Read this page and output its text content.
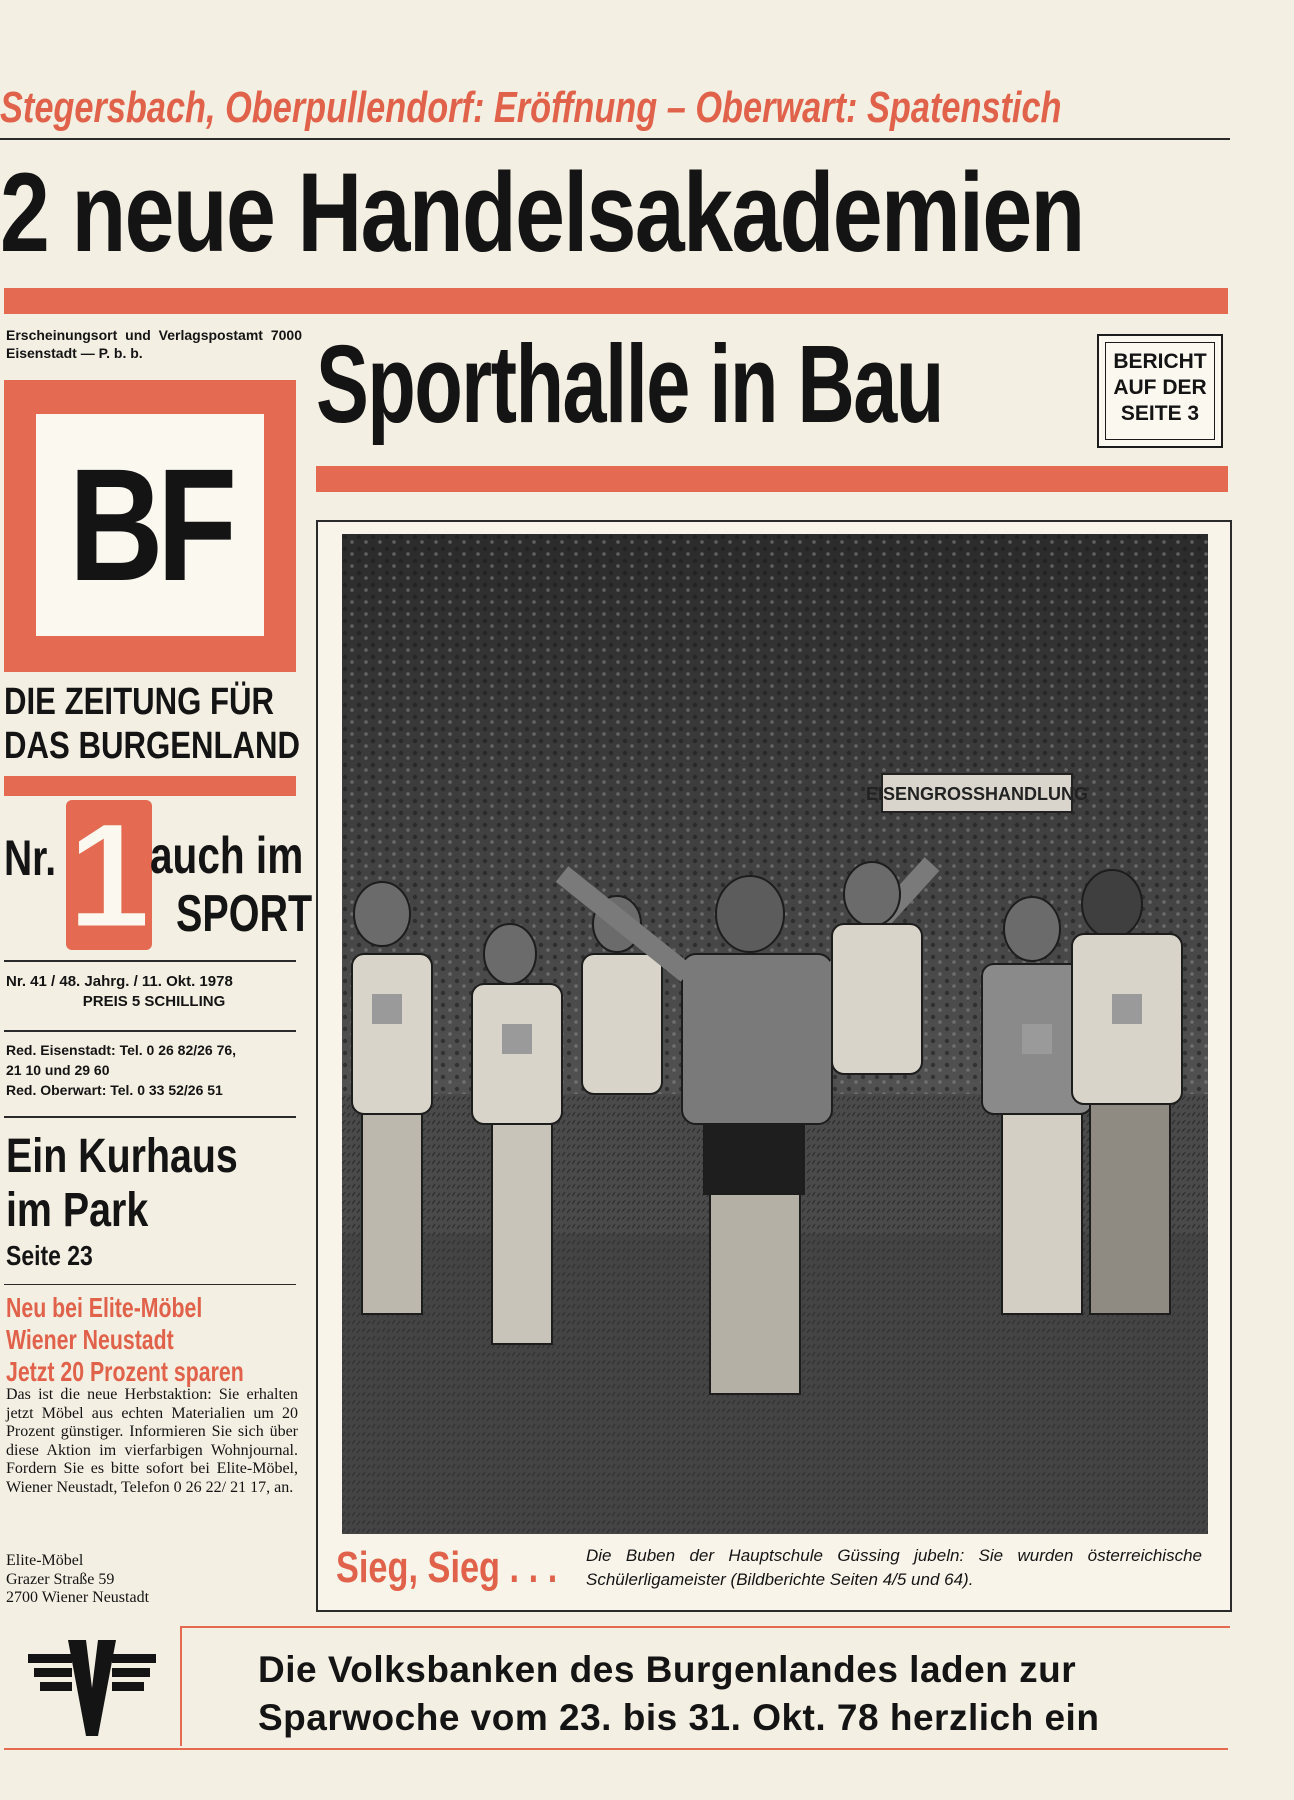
Stegersbach, Oberpullendorf: Eröffnung – Oberwart: Spatenstich
2 neue Handelsakademien
Erscheinungsort und Verlagspostamt 7000 Eisenstadt — P. b. b.
BF
DIE ZEITUNG FÜR
DAS BURGENLAND
Nr. 1 auch im
SPORT
Nr. 41 / 48. Jahrg. / 11. Okt. 1978
PREIS 5 SCHILLING
Red. Eisenstadt: Tel. 0 26 82/26 76,
21 10 und 29 60
Red. Oberwart: Tel. 0 33 52/26 51
Ein Kurhaus
im Park
Seite 23
Neu bei Elite-Möbel
Wiener Neustadt
Jetzt 20 Prozent sparen
Das ist die neue Herbstaktion: Sie erhalten jetzt Möbel aus echten Materialien um 20 Prozent günstiger. Informieren Sie sich über diese Aktion im vierfarbigen Wohnjournal. Fordern Sie es bitte sofort bei Elite-Möbel, Wiener Neustadt, Telefon 0 26 22/ 21 17, an.
Elite-Möbel
Grazer Straße 59
2700 Wiener Neustadt
Sporthalle in Bau	BERICHT
AUF DER
SEITE 3
EISENGROSSHANDLUNG
Sieg, Sieg . . .	Die Buben der Hauptschule Güssing jubeln: Sie wurden österreichische Schülerligameister (Bildberichte Seiten 4/5 und 64).
Die Volksbanken des Burgenlandes laden zur
Sparwoche vom 23. bis 31. Okt. 78 herzlich ein
